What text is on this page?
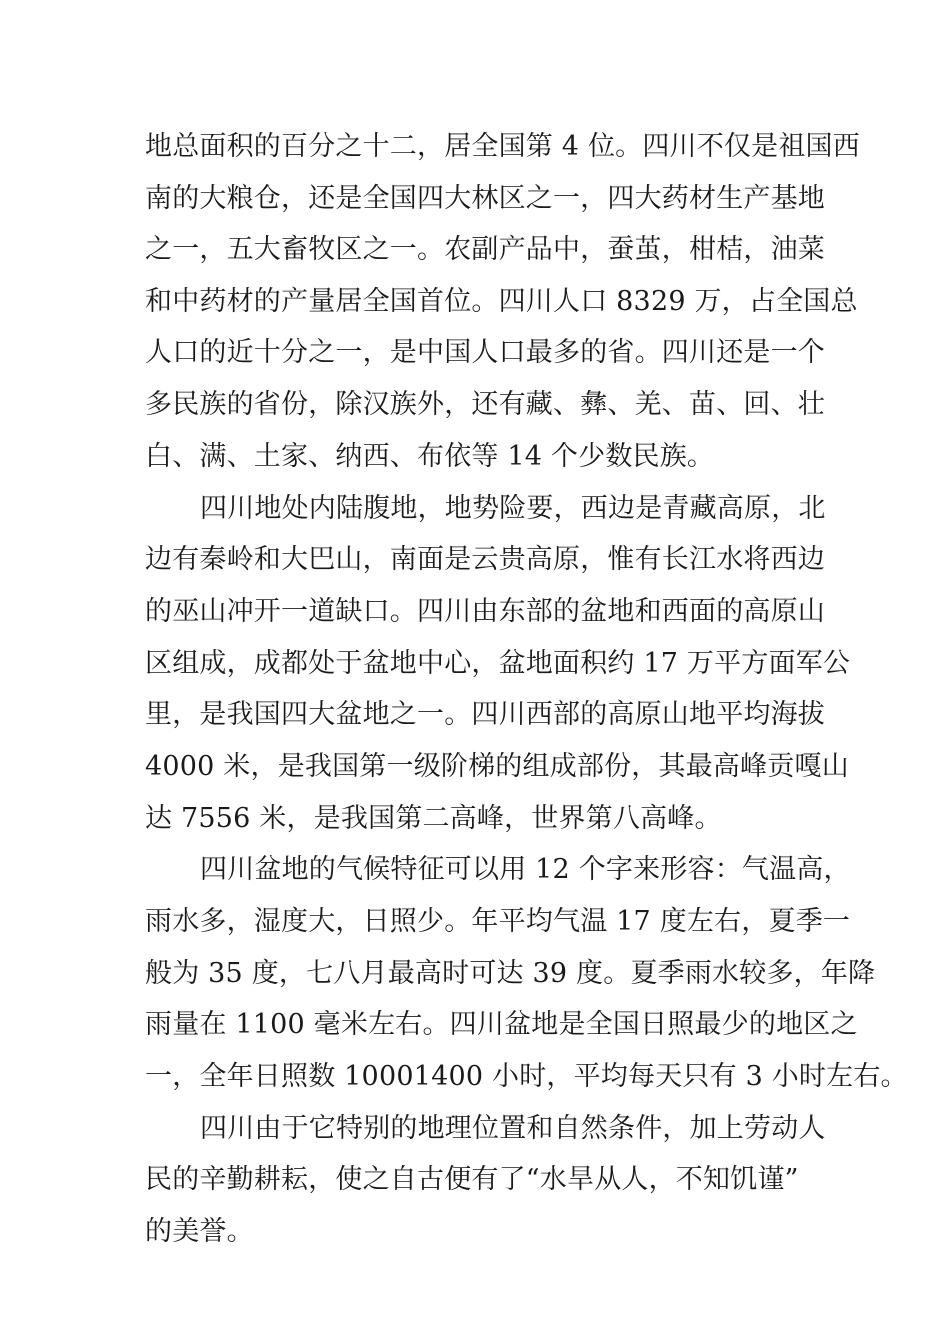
地总面积的百分之十二，居全国第 4 位。四川不仅是祖国西
南的大粮仓，还是全国四大林区之一，四大药材生产基地
之一，五大畜牧区之一。农副产品中，蚕茧，柑桔，油菜
和中药材的产量居全国首位。四川人口 8329 万，占全国总
人口的近十分之一，是中国人口最多的省。四川还是一个
多民族的省份，除汉族外，还有藏、彝、羌、苗、回、壮
白、满、土家、纳西、布依等 14 个少数民族。
四川地处内陆腹地，地势险要，西边是青藏高原，北
边有秦岭和大巴山，南面是云贵高原，惟有长江水将西边
的巫山冲开一道缺口。四川由东部的盆地和西面的高原山
区组成，成都处于盆地中心，盆地面积约 17 万平方面军公
里，是我国四大盆地之一。四川西部的高原山地平均海拔
4000 米，是我国第一级阶梯的组成部份，其最高峰贡嘎山
达 7556 米，是我国第二高峰，世界第八高峰。
四川盆地的气候特征可以用 12 个字来形容：气温高，
雨水多，湿度大，日照少。年平均气温 17 度左右，夏季一
般为 35 度，七八月最高时可达 39 度。夏季雨水较多，年降
雨量在 1100 毫米左右。四川盆地是全国日照最少的地区之
一，全年日照数 10001400 小时，平均每天只有 3 小时左右。
四川由于它特别的地理位置和自然条件，加上劳动人
民的辛勤耕耘，使之自古便有了“水旱从人，不知饥谨”
的美誉。
